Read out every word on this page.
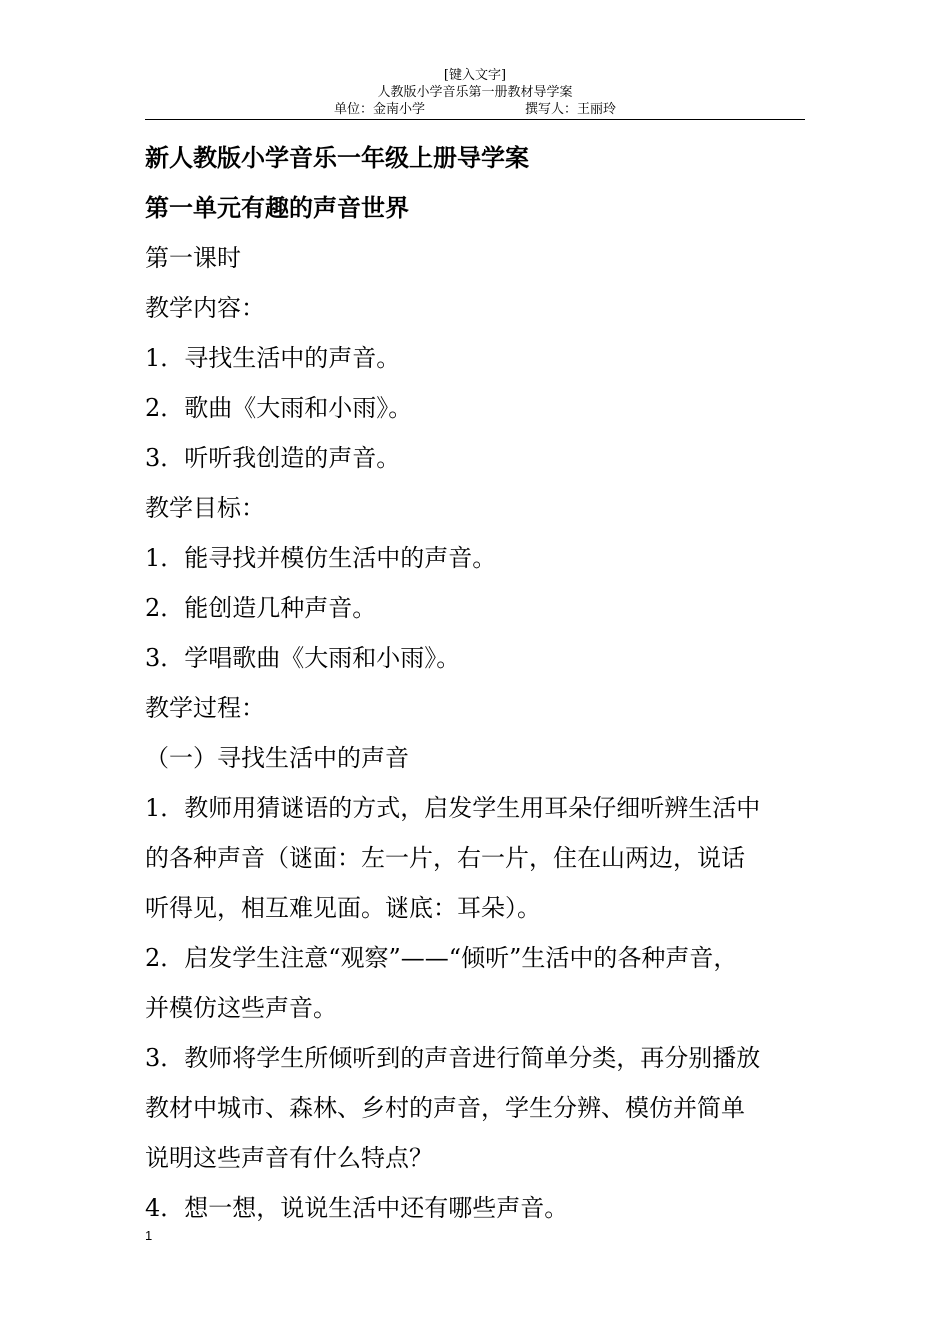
[键入文字]
人教版小学音乐第一册教材导学案
单位：金南小学	撰写人：王丽玲
新人教版小学音乐一年级上册导学案
第一单元有趣的声音世界
第一课时
教学内容：
1．寻找生活中的声音。
2．歌曲《大雨和小雨》。
3．听听我创造的声音。
教学目标：
1．能寻找并模仿生活中的声音。
2．能创造几种声音。
3．学唱歌曲《大雨和小雨》。
教学过程：
（一）寻找生活中的声音
1．教师用猜谜语的方式，启发学生用耳朵仔细听辨生活中
的各种声音（谜面：左一片，右一片，住在山两边，说话
听得见，相互难见面。谜底：耳朵）。
2．启发学生注意“观察”——“倾听”生活中的各种声音，
并模仿这些声音。
3．教师将学生所倾听到的声音进行简单分类，再分别播放
教材中城市、森林、乡村的声音，学生分辨、模仿并简单
说明这些声音有什么特点？
4．想一想，说说生活中还有哪些声音。
1
